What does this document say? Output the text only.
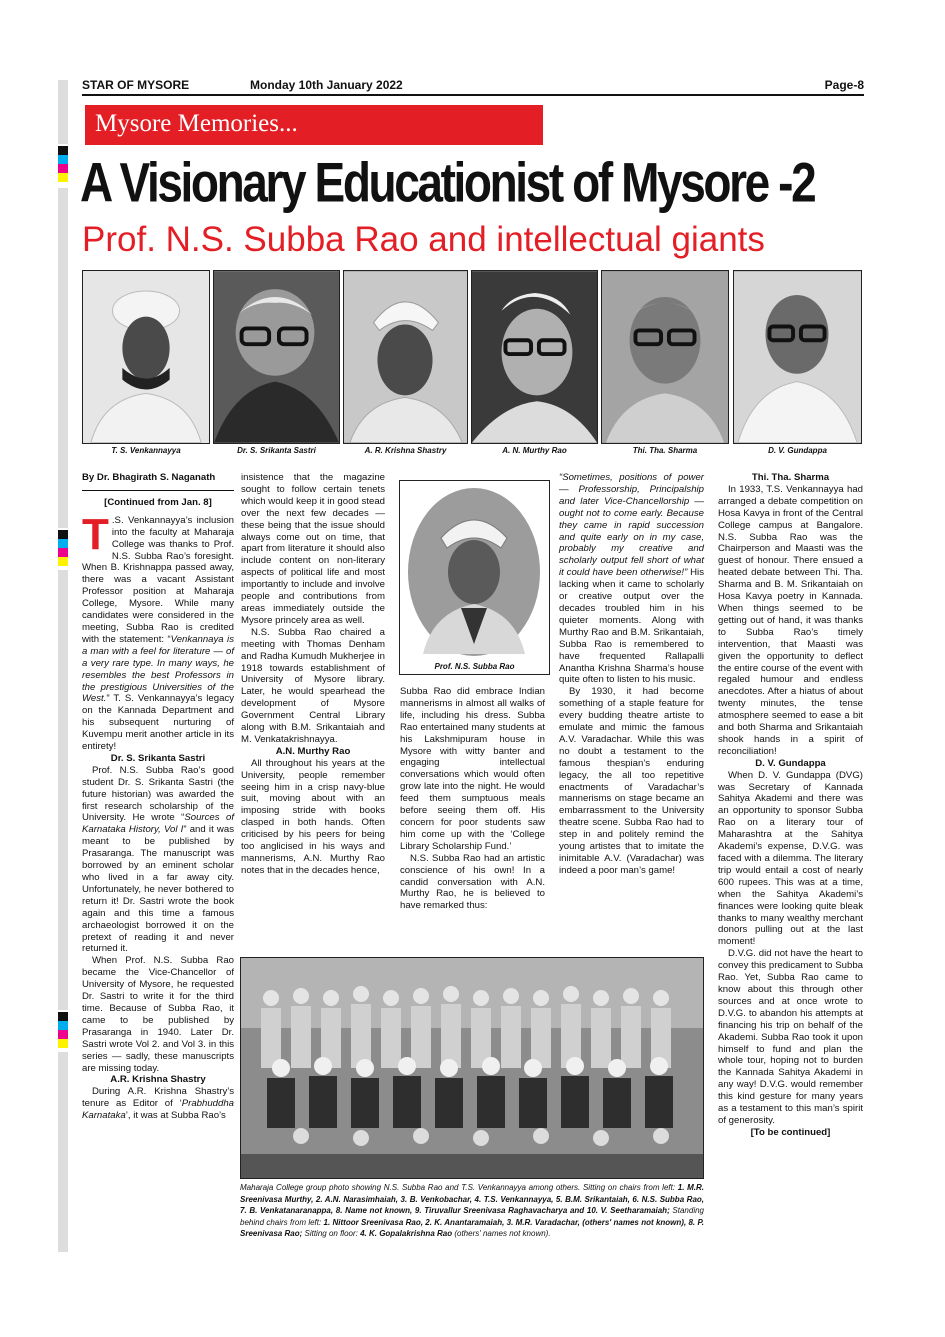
STAR OF MYSORE	Monday 10th January 2022	Page-8
Mysore Memories...
A Visionary Educationist of Mysore -2
Prof. N.S. Subba Rao and intellectual giants
T. S. Venkannayya	Dr. S. Srikanta Sastri	A. R. Krishna Shastry	A. N. Murthy Rao	Thi. Tha. Sharma	D. V. Gundappa

By Dr. Bhagirath S. Naganath

[Continued from Jan. 8]

T .S. Venkannayya’s inclusion into the faculty at Maharaja College was thanks to Prof. N.S. Subba Rao’s foresight. When B. Krishnappa passed away, there was a vacant Assistant Professor position at Maharaja College, Mysore. While many candidates were considered in the meeting, Subba Rao is credited with the statement: “Venkannaya is a man with a feel for literature — of a very rare type. In many ways, he resembles the best Professors in the prestigious Universities of the West.” T. S. Venkannayya’s legacy on the Kannada Department and his subsequent nurturing of Kuvempu merit another article in its entirety!

Dr. S. Srikanta Sastri

Prof. N.S. Subba Rao’s good student Dr. S. Srikanta Sastri (the future historian) was awarded the first research scholarship of the University. He wrote “Sources of Karnataka History, Vol I” and it was meant to be published by Prasaranga. The manuscript was borrowed by an eminent scholar who lived in a far away city. Unfortunately, he never bothered to return it! Dr. Sastri wrote the book again and this time a famous archaeologist borrowed it on the pretext of reading it and never returned it.

When Prof. N.S. Subba Rao became the Vice-Chancellor of University of Mysore, he requested Dr. Sastri to write it for the third time. Because of Subba Rao, it came to be published by Prasaranga in 1940. Later Dr. Sastri wrote Vol 2. and Vol 3. in this series — sadly, these manuscripts are missing today.

A.R. Krishna Shastry

During A.R. Krishna Shastry’s tenure as Editor of ‘Prabhuddha Karnataka’, it was at Subba Rao’s

insistence that the magazine sought to follow certain tenets which would keep it in good stead over the next few decades — these being that the issue should always come out on time, that apart from literature it should also include content on non-literary aspects of political life and most importantly to include and involve people and contributions from areas immediately outside the Mysore princely area as well.

N.S. Subba Rao chaired a meeting with Thomas Denham and Radha Kumudh Mukherjee in 1918 towards establishment of University of Mysore library. Later, he would spearhead the development of Mysore Government Central Library along with B.M. Srikantaiah and M. Venkatakrishnayya.

A.N. Murthy Rao

All throughout his years at the University, people remember seeing him in a crisp navy-blue suit, moving about with an imposing stride with books clasped in both hands. Often criticised by his peers for being too anglicised in his ways and mannerisms, A.N. Murthy Rao notes that in the decades hence,

Prof. N.S. Subba Rao

Subba Rao did embrace Indian mannerisms in almost all walks of life, including his dress. Subba Rao entertained many students at his Lakshmipuram house in Mysore with witty banter and engaging intellectual conversations which would often grow late into the night. He would feed them sumptuous meals before seeing them off. His concern for poor students saw him come up with the ‘College Library Scholarship Fund.’

N.S. Subba Rao had an artistic conscience of his own! In a candid conversation with A.N. Murthy Rao, he is believed to have remarked thus:

“Sometimes, positions of power — Professorship, Principalship and later Vice-Chancellorship — ought not to come early. Because they came in rapid succession and quite early on in my case, probably my creative and scholarly output fell short of what it could have been otherwise!” His lacking when it came to scholarly or creative output over the decades troubled him in his quieter moments. Along with Murthy Rao and B.M. Srikantaiah, Subba Rao is remembered to have frequented Rallapalli Anantha Krishna Sharma’s house quite often to listen to his music.

By 1930, it had become something of a staple feature for every budding theatre artiste to emulate and mimic the famous A.V. Varadachar. While this was no doubt a testament to the famous thespian’s enduring legacy, the all too repetitive enactments of Varadachar’s mannerisms on stage became an embarrassment to the University theatre scene. Subba Rao had to step in and politely remind the young artistes that to imitate the inimitable A.V. (Varadachar) was indeed a poor man’s game!

Thi. Tha. Sharma

In 1933, T.S. Venkannayya had arranged a debate competition on Hosa Kavya in front of the Central College campus at Bangalore. N.S. Subba Rao was the Chairperson and Maasti was the guest of honour. There ensued a heated debate between Thi. Tha. Sharma and B. M. Srikantaiah on Hosa Kavya poetry in Kannada. When things seemed to be getting out of hand, it was thanks to Subba Rao’s timely intervention, that Maasti was given the opportunity to deflect the entire course of the event with regaled humour and endless anecdotes. After a hiatus of about twenty minutes, the tense atmosphere seemed to ease a bit and both Sharma and Srikantaiah shook hands in a spirit of reconciliation!

D. V. Gundappa

When D. V. Gundappa (DVG) was Secretary of Kannada Sahitya Akademi and there was an opportunity to sponsor Subba Rao on a literary tour of Maharashtra at the Sahitya Akademi’s expense, D.V.G. was faced with a dilemma. The literary trip would entail a cost of nearly 600 rupees. This was at a time, when the Sahitya Akademi’s finances were looking quite bleak thanks to many wealthy merchant donors pulling out at the last moment!

D.V.G. did not have the heart to convey this predicament to Subba Rao. Yet, Subba Rao came to know about this through other sources and at once wrote to D.V.G. to abandon his attempts at financing his trip on behalf of the Akademi. Subba Rao took it upon himself to fund and plan the whole tour, hoping not to burden the Kannada Sahitya Akademi in any way! D.V.G. would remember this kind gesture for many years as a testament to this man’s spirit of generosity.

[To be continued]

Maharaja College group photo showing N.S. Subba Rao and T.S. Venkannayya among others. Sitting on chairs from left: 1. M.R. Sreenivasa Murthy, 2. A.N. Narasimhaiah, 3. B. Venkobachar, 4. T.S. Venkannayya, 5. B.M. Srikantaiah, 6. N.S. Subba Rao, 7. B. Venkatanaranappa, 8. Name not known, 9. Tiruvallur Sreenivasa Raghavacharya and 10. V. Seetharamaiah; Standing behind chairs from left: 1. Nittoor Sreenivasa Rao, 2. K. Anantaramaiah, 3. M.R. Varadachar, (others' names not known), 8. P. Sreenivasa Rao; Sitting on floor: 4. K. Gopalakrishna Rao (others' names not known).
